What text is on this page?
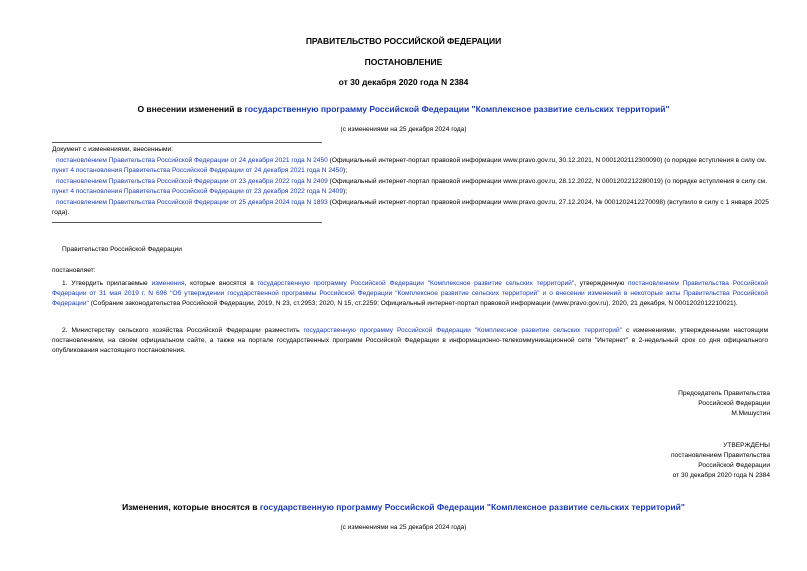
ПРАВИТЕЛЬСТВО РОССИЙСКОЙ ФЕДЕРАЦИИ
ПОСТАНОВЛЕНИЕ
от 30 декабря 2020 года N 2384
О внесении изменений в государственную программу Российской Федерации "Комплексное развитие сельских территорий"
(с изменениями на 25 декабря 2024 года)

Документ с изменениями, внесенными:

постановлением Правительства Российской Федерации от 24 декабря 2021 года N 2450 (Официальный интернет-портал правовой информации www.pravo.gov.ru, 30.12.2021, N 0001202112300090) (о порядке вступления в силу см. пункт 4 постановления Правительства Российской Федерации от 24 декабря 2021 года N 2450);

постановлением Правительства Российской Федерации от 23 декабря 2022 года N 2409 (Официальный интернет-портал правовой информации www.pravo.gov.ru, 28.12.2022, N 0001202212280019) (о порядке вступления в силу см. пункт 4 постановления Правительства Российской Федерации от 23 декабря 2022 года N 2409);

постановлением Правительства Российской Федерации от 25 декабря 2024 года N 1893 (Официальный интернет-портал правовой информации www.pravo.gov.ru, 27.12.2024, № 0001202412270098) (вступило в силу с 1 января 2025 года).

Правительство Российской Федерации
постановляет:

1. Утвердить прилагаемые изменения, которые вносятся в государственную программу Российской Федерации "Комплексное развитие сельских территорий", утвержденную постановлением Правительства Российской Федерации от 31 мая 2019 г. N 696 "Об утверждении государственной программы Российской Федерации "Комплексное развитие сельских территорий" и о внесении изменений в некоторые акты Правительства Российской Федерации" (Собрание законодательства Российской Федерации, 2019, N 23, ст.2953; 2020, N 15, ст.2259; Официальный интернет-портал правовой информации (www.pravo.gov.ru), 2020, 21 декабря, N 0001202012210021).

2. Министерству сельского хозяйства Российской Федерации разместить государственную программу Российской Федерации "Комплексное развитие сельских территорий" с изменениями, утвержденными настоящим постановлением, на своем официальном сайте, а также на портале государственных программ Российской Федерации в информационно-телекоммуникационной сети "Интернет" в 2-недельный срок со дня официального опубликования настоящего постановления.

Председатель Правительства
Российской Федерации
М.Мишустин
УТВЕРЖДЕНЫ
постановлением Правительства
Российской Федерации
от 30 декабря 2020 года N 2384
Изменения, которые вносятся в государственную программу Российской Федерации "Комплексное развитие сельских территорий"
(с изменениями на 25 декабря 2024 года)
